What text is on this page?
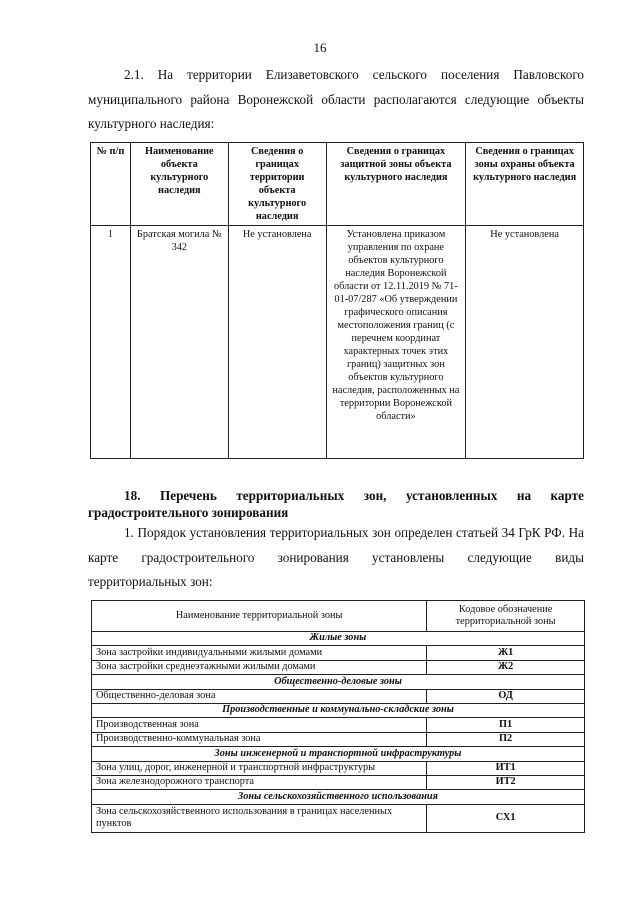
16
2.1. На территории Елизаветовского сельского поселения Павловского муниципального района Воронежской области располагаются следующие объекты культурного наследия:
№ п/п	Наименование объекта культурного наследия	Сведения о границах территории объекта культурного наследия	Сведения о границах защитной зоны объекта культурного наследия	Сведения о границах зоны охраны объекта культурного наследия
1	Братская могила № 342	Не установлена	Установлена приказом управления по охране объектов культурного наследия Воронежской области от 12.11.2019 № 71-01-07/287 «Об утверждении графического описания местоположения границ (с перечнем координат характерных точек этих границ) защитных зон объектов культурного наследия, расположенных на территории Воронежской области»	Не установлена
18. Перечень территориальных зон, установленных на карте градостроительного зонирования
1. Порядок установления территориальных зон определен статьей 34 ГрК РФ. На карте градостроительного зонирования установлены следующие виды территориальных зон:
Наименование территориальной зоны	Кодовое обозначение территориальной зоны
Жилые зоны	
Зона застройки индивидуальными жилыми домами	Ж1
Зона застройки среднеэтажными жилыми домами	Ж2
Общественно-деловые зоны	
Общественно-деловая зона	ОД
Производственные и коммунально-складские зоны	
Производственная зона	П1
Производственно-коммунальная зона	П2
Зоны инженерной и транспортной инфраструктуры	
Зона улиц, дорог, инженерной и транспортной инфраструктуры	ИТ1
Зона железнодорожного транспорта	ИТ2
Зоны сельскохозяйственного использования	
Зона сельскохозяйственного использования в границах населенных пунктов	СХ1
